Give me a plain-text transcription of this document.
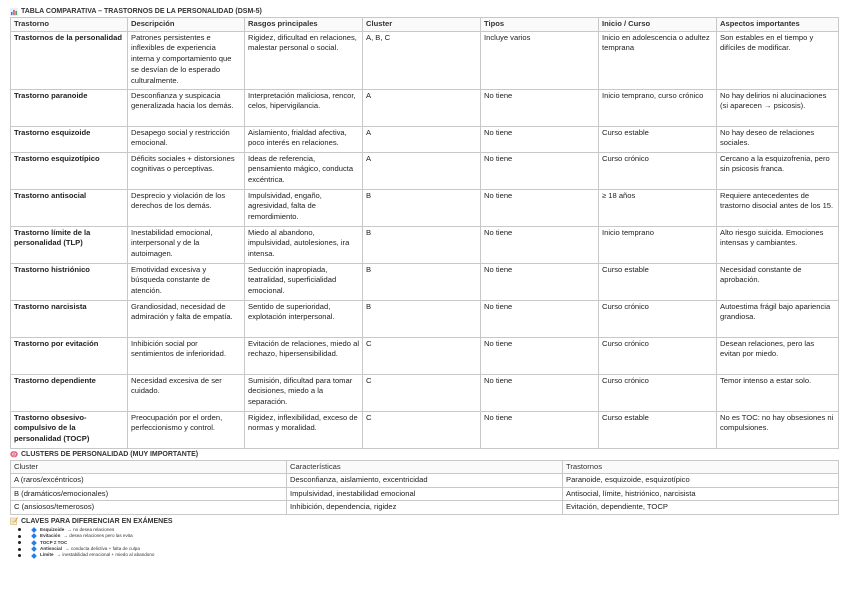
TABLA COMPARATIVA – TRASTORNOS DE LA PERSONALIDAD (DSM-5)
Trastorno	Descripción	Rasgos principales	Cluster	Tipos	Inicio / Curso	Aspectos importantes
Trastornos de la personalidad	Patrones persistentes e inflexibles de experiencia interna y comportamiento que se desvían de lo esperado culturalmente.	Rigidez, dificultad en relaciones, malestar personal o social.	A, B, C	Incluye varios	Inicio en adolescencia o adultez temprana	Son estables en el tiempo y difíciles de modificar.
Trastorno paranoide	Desconfianza y suspicacia generalizada hacia los demás.	Interpretación maliciosa, rencor, celos, hipervigilancia.	A	No tiene	Inicio temprano, curso crónico	No hay delirios ni alucinaciones (si aparecen → psicosis).
Trastorno esquizoide	Desapego social y restricción emocional.	Aislamiento, frialdad afectiva, poco interés en relaciones.	A	No tiene	Curso estable	No hay deseo de relaciones sociales.
Trastorno esquizotípico	Déficits sociales + distorsiones cognitivas o perceptivas.	Ideas de referencia, pensamiento mágico, conducta excéntrica.	A	No tiene	Curso crónico	Cercano a la esquizofrenia, pero sin psicosis franca.
Trastorno antisocial	Desprecio y violación de los derechos de los demás.	Impulsividad, engaño, agresividad, falta de remordimiento.	B	No tiene	≥ 18 años	Requiere antecedentes de trastorno disocial antes de los 15.
Trastorno límite de la personalidad (TLP)	Inestabilidad emocional, interpersonal y de la autoimagen.	Miedo al abandono, impulsividad, autolesiones, ira intensa.	B	No tiene	Inicio temprano	Alto riesgo suicida. Emociones intensas y cambiantes.
Trastorno histriónico	Emotividad excesiva y búsqueda constante de atención.	Seducción inapropiada, teatralidad, superficialidad emocional.	B	No tiene	Curso estable	Necesidad constante de aprobación.
Trastorno narcisista	Grandiosidad, necesidad de admiración y falta de empatía.	Sentido de superioridad, explotación interpersonal.	B	No tiene	Curso crónico	Autoestima frágil bajo apariencia grandiosa.
Trastorno por evitación	Inhibición social por sentimientos de inferioridad.	Evitación de relaciones, miedo al rechazo, hipersensibilidad.	C	No tiene	Curso crónico	Desean relaciones, pero las evitan por miedo.
Trastorno dependiente	Necesidad excesiva de ser cuidado.	Sumisión, dificultad para tomar decisiones, miedo a la separación.	C	No tiene	Curso crónico	Temor intenso a estar solo.
Trastorno obsesivo-compulsivo de la personalidad (TOCP)	Preocupación por el orden, perfeccionismo y control.	Rigidez, inflexibilidad, exceso de normas y moralidad.	C	No tiene	Curso estable	No es TOC: no hay obsesiones ni compulsiones.
CLUSTERS DE PERSONALIDAD (MUY IMPORTANTE)
Cluster	Características	Trastornos
A (raros/excéntricos)	Desconfianza, aislamiento, excentricidad	Paranoide, esquizoide, esquizotípico
B (dramáticos/emocionales)	Impulsividad, inestabilidad emocional	Antisocial, límite, histriónico, narcisista
C (ansiosos/temerosos)	Inhibición, dependencia, rigidez	Evitación, dependiente, TOCP
CLAVES PARA DIFERENCIAR EN EXÁMENES
Esquizoide → no desea relaciones
Evitación → desea relaciones pero las evita
TOCP ≠ TOC
Antisocial → conducta delictiva + falta de culpa
Límite → inestabilidad emocional + miedo al abandono
